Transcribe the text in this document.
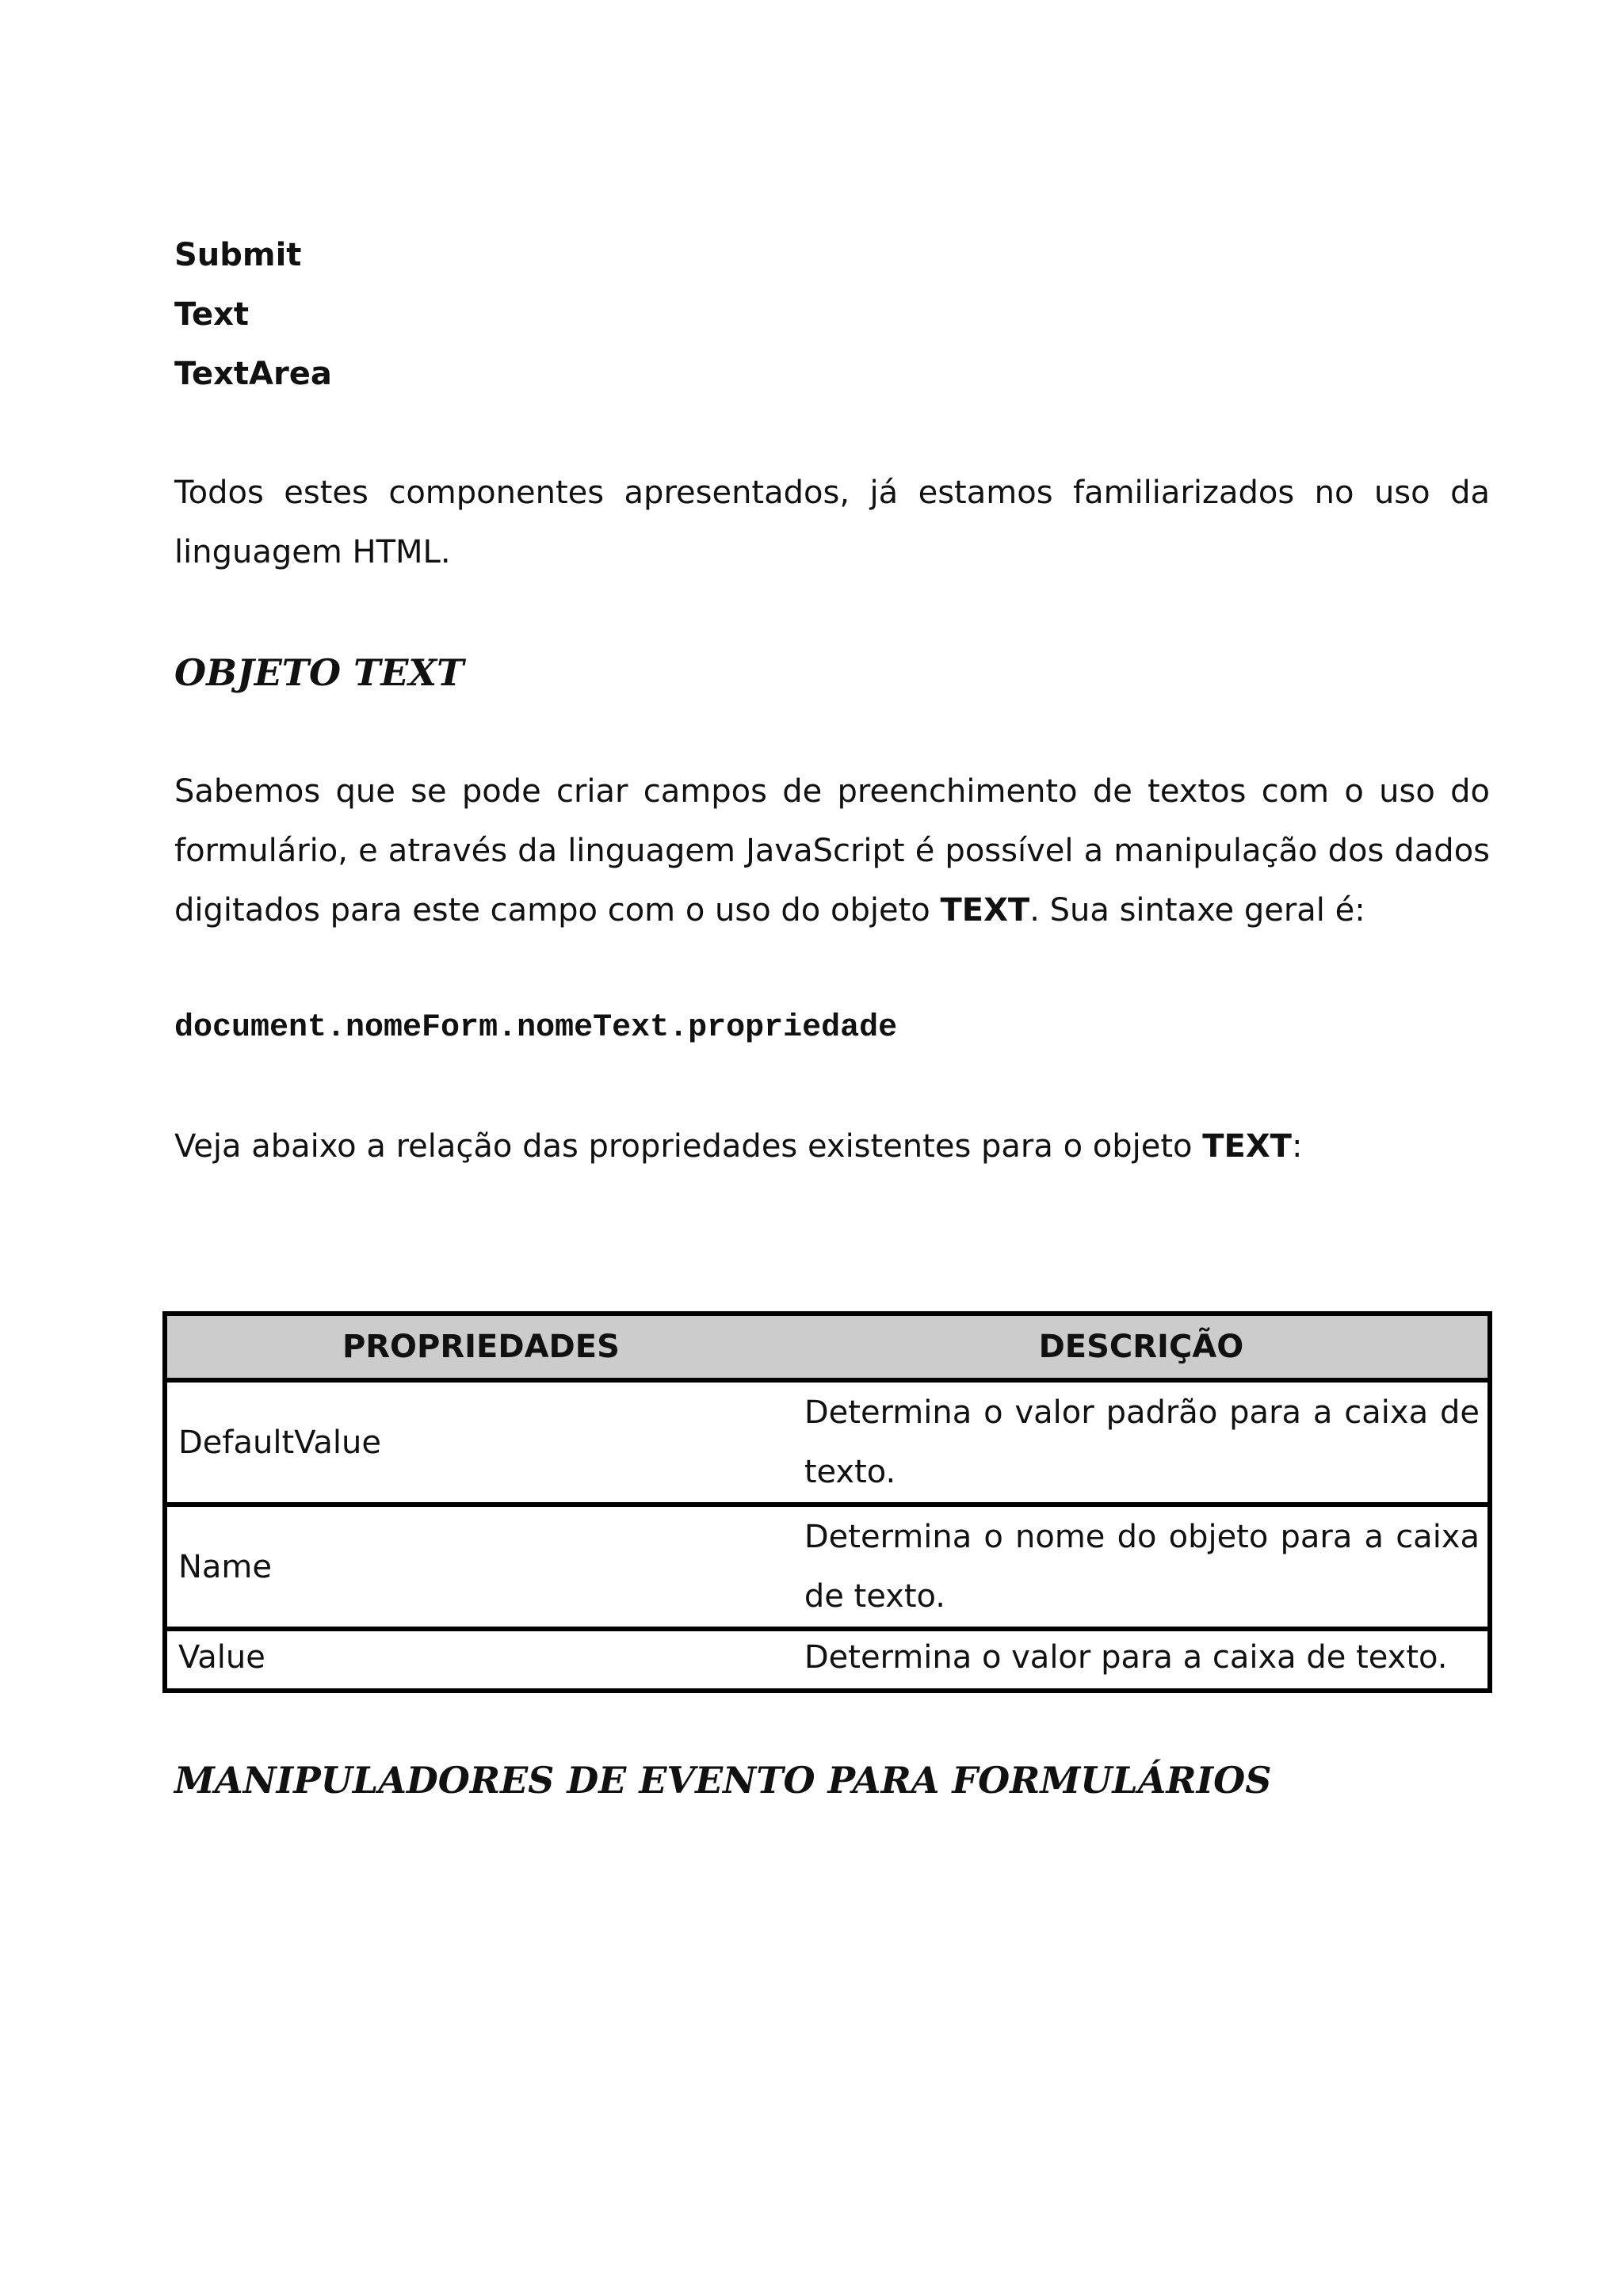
Submit
Text
TextArea

Todos estes componentes apresentados, já estamos familiarizados no uso da linguagem HTML.

OBJETO TEXT

Sabemos que se pode criar campos de preenchimento de textos com o uso do formulário, e através da linguagem JavaScript é possível a manipulação dos dados digitados para este campo com o uso do objeto TEXT. Sua sintaxe geral é:

document.nomeForm.nomeText.propriedade

Veja abaixo a relação das propriedades existentes para o objeto TEXT:

PROPRIEDADES	DESCRIÇÃO
DefaultValue	Determina o valor padrão para a caixa de texto.
Name	Determina o nome do objeto para a caixa de texto.
Value	Determina o valor para a caixa de texto.
MANIPULADORES DE EVENTO PARA FORMULÁRIOS
